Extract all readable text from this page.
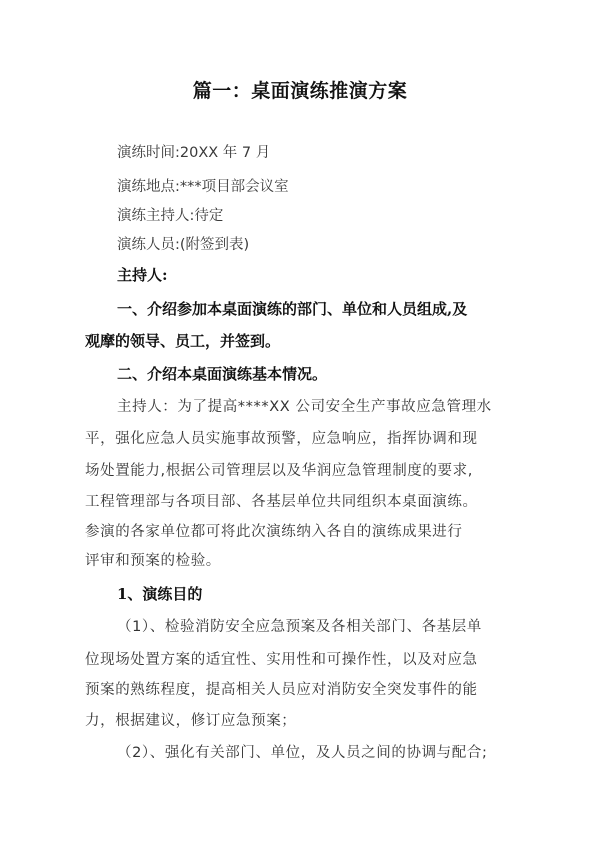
篇一：桌面演练推演方案
演练时间:20XX 年 7 月
演练地点:***项目部会议室
演练主持人:待定
演练人员:(附签到表)
主持人:
一、介绍参加本桌面演练的部门、单位和人员组成,及
观摩的领导、员工，并签到。
二、介绍本桌面演练基本情况。
主持人：为了提高****XX 公司安全生产事故应急管理水
平，强化应急人员实施事故预警，应急响应，指挥协调和现
场处置能力,根据公司管理层以及华润应急管理制度的要求,
工程管理部与各项目部、各基层单位共同组织本桌面演练。
参演的各家单位都可将此次演练纳入各自的演练成果进行
评审和预案的检验。
1、演练目的
（1）、检验消防安全应急预案及各相关部门、各基层单
位现场处置方案的适宜性、实用性和可操作性，以及对应急
预案的熟练程度，提高相关人员应对消防安全突发事件的能
力，根据建议，修订应急预案；
（2）、强化有关部门、单位，及人员之间的协调与配合;
